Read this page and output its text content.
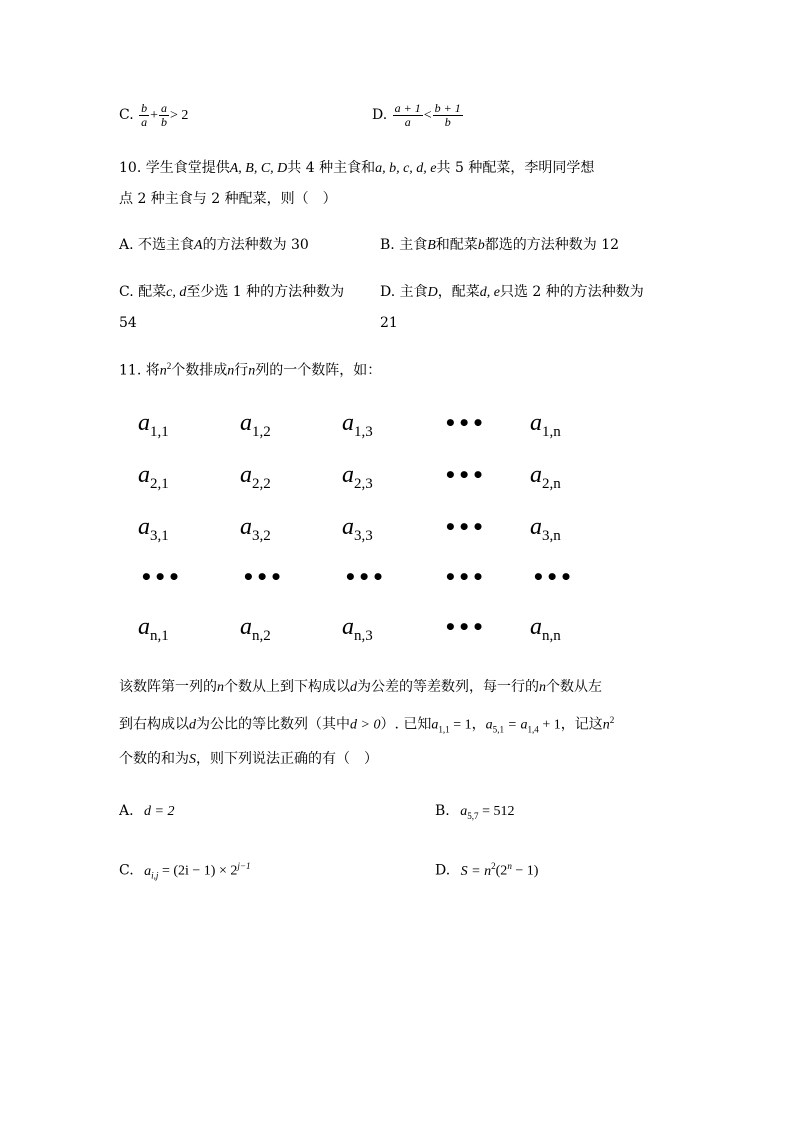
C. $\frac{b}{a} + \frac{a}{b} > 2$	D. $\frac{a + 1}{a} < \frac{b + 1}{b}$
10. 学生食堂提供A, B, C, D共 4 种主食和a, b, c, d, e共 5 种配菜，李明同学想
点 2 种主食与 2 种配菜，则（　）
A. 不选主食A的方法种数为 30	B. 主食B和配菜b都选的方法种数为 12
C. 配菜c, d至少选 1 种的方法种数为
54
D. 主食D，配菜d, e只选 2 种的方法种数为
21
11. 将$n^2$个数排成n行n列的一个数阵，如：
$a_{1,1}$	$a_{1,2}$	$a_{1,3}$	••• $a_{1,n}$
$a_{2,1}$	$a_{2,2}$	$a_{2,3}$	••• $a_{2,n}$
$a_{3,1}$	$a_{3,2}$	$a_{3,3}$	••• $a_{3,n}$
•••	•••	•••	••• •••
$a_{n,1}$	$a_{n,2}$	$a_{n,3}$	••• $a_{n,n}$
该数阵第一列的n个数从上到下构成以d为公差的等差数列，每一行的n个数从左
到右构成以d为公比的等比数列（其中d > 0）. 已知$a_{1,1} = 1$，$a_{5,1} = a_{1,4} + 1$，记这$n^2$
个数的和为S，则下列说法正确的有（　）
A. d = 2	B. $a_{5,7} = 512$
C. $a_{i,j} = (2i - 1) \times 2^{j-1}$	D. $S = n^2(2^n - 1)$
